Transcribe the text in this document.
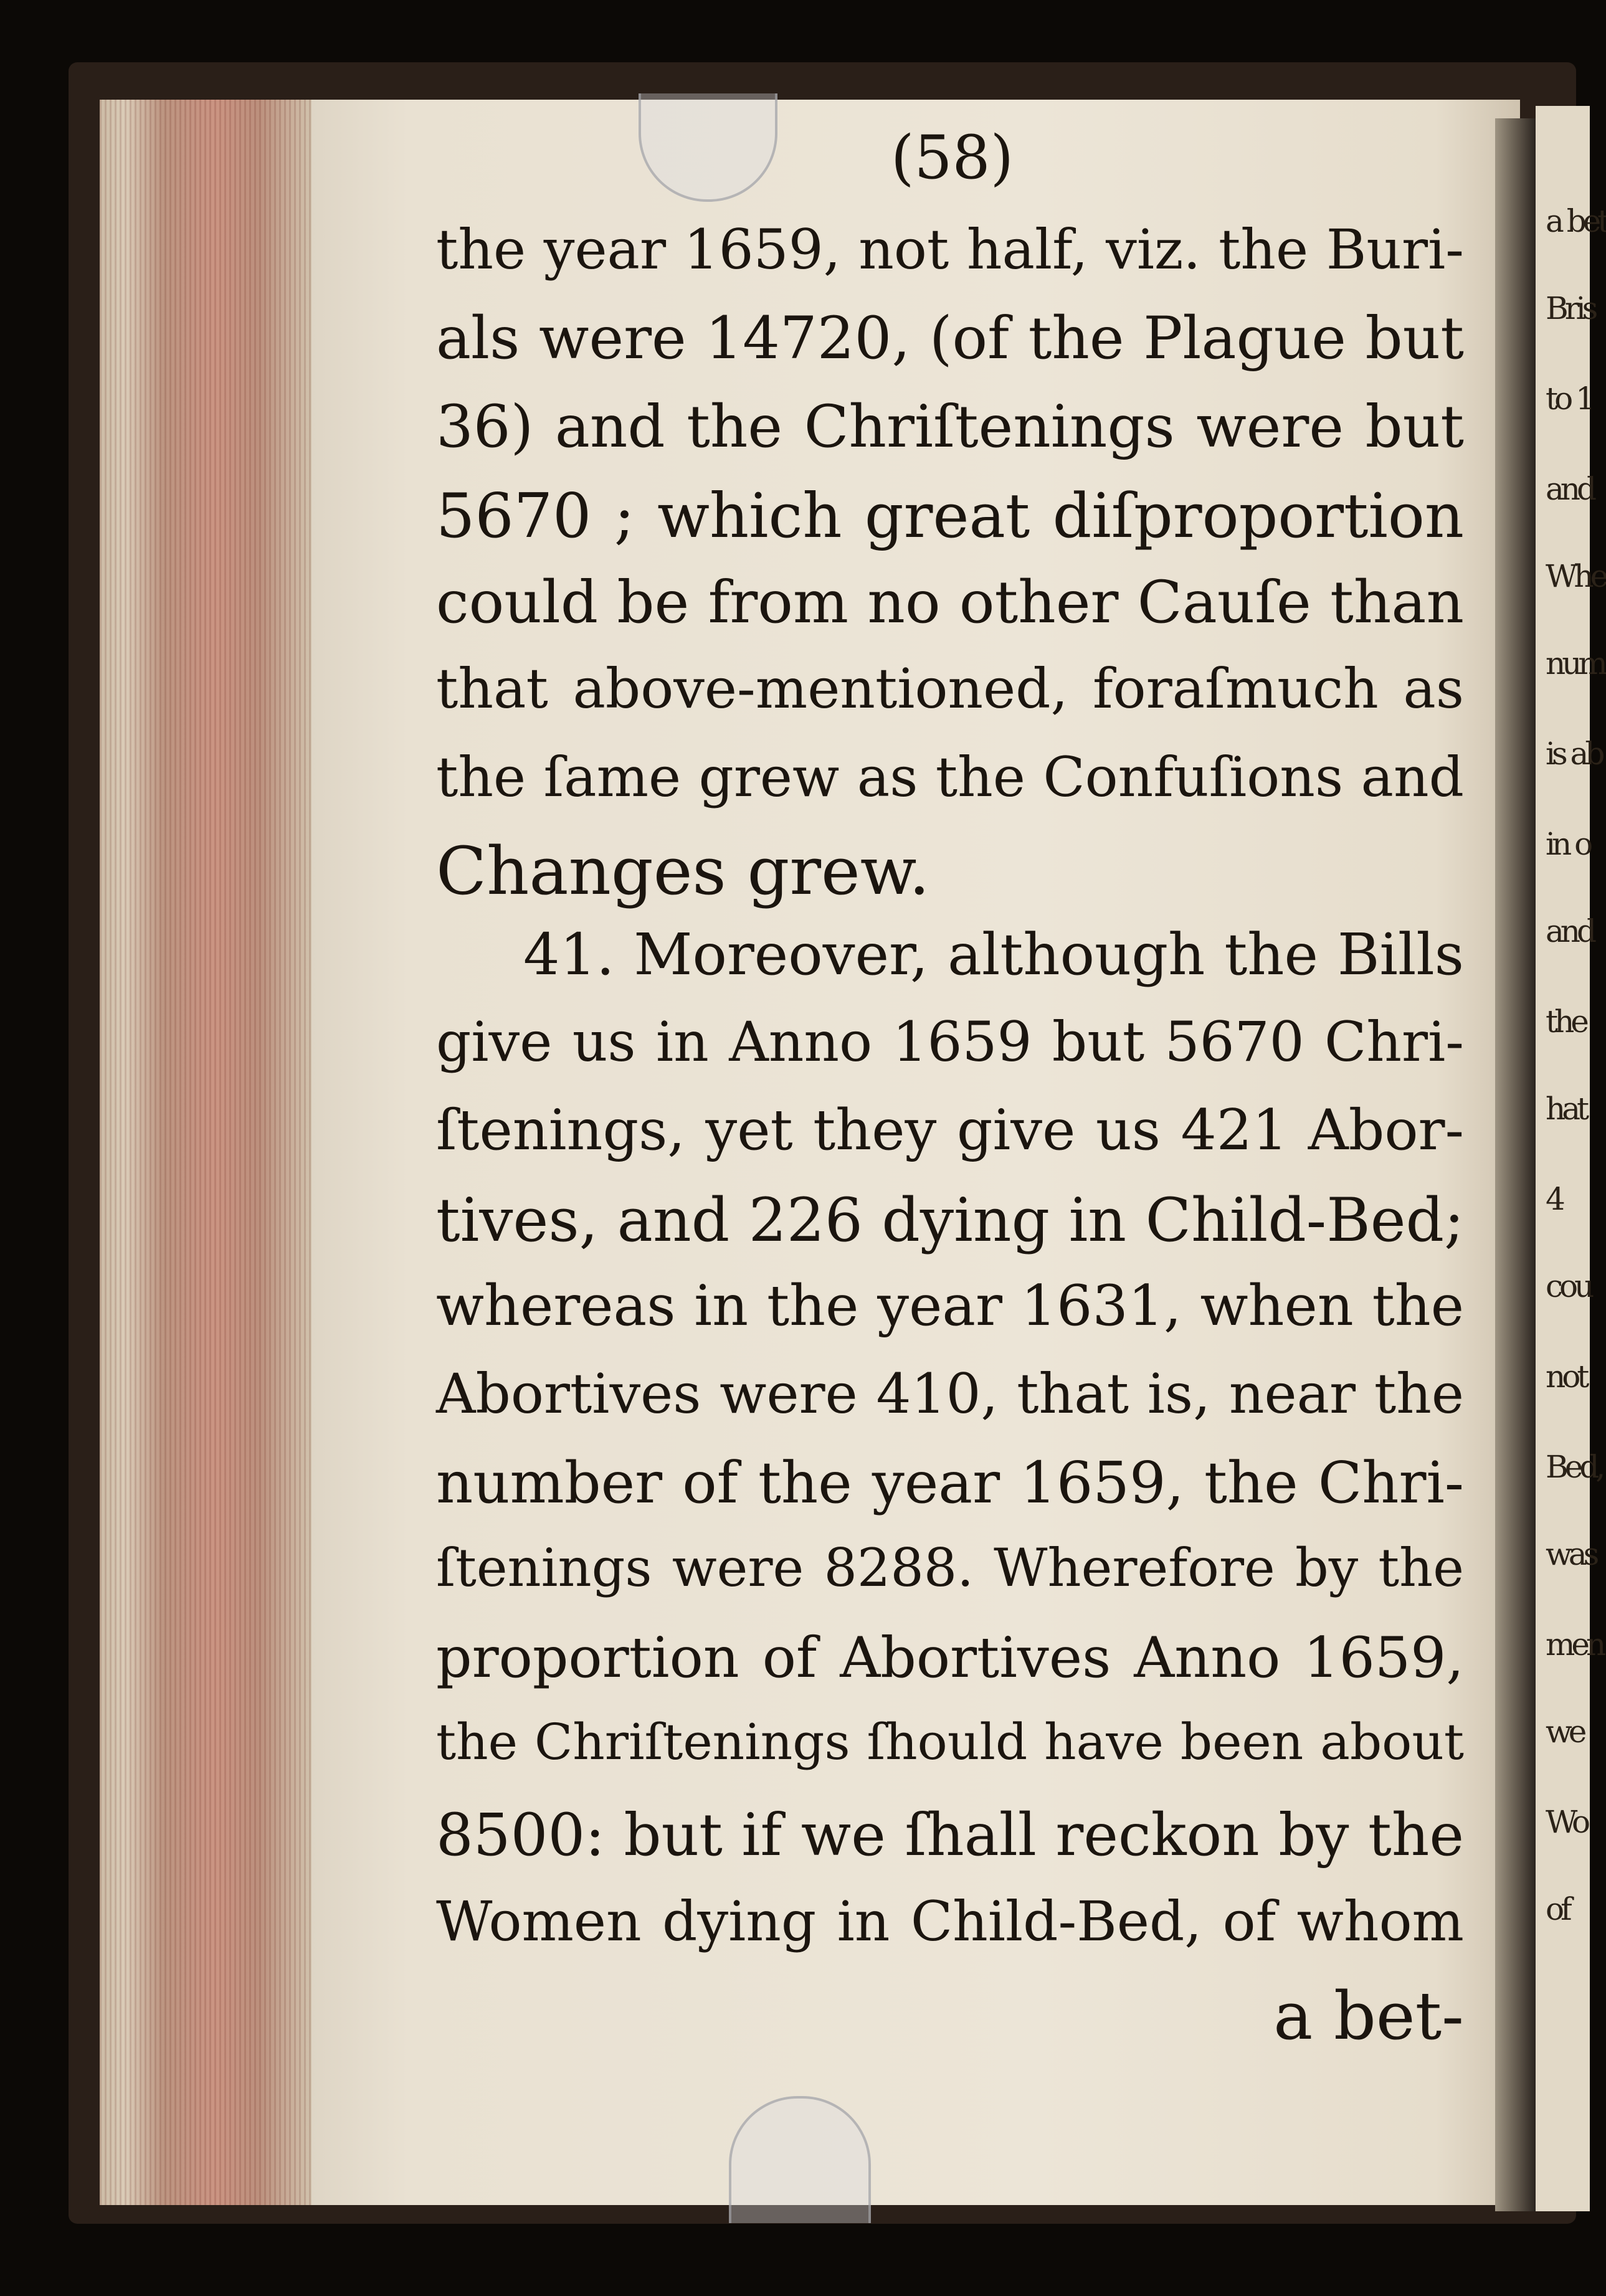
a bet
Bris
to 1
and
Whe
num
is ab
in o
and
the
hat
4
cou
not
Bed,
was
men
we
Wo
of
(58)
the year 1659, not half, viz. the Buri-
als were 14720, (of the Plague but
36) and the Chriſtenings were but
5670 ; which great diſproportion
could be from no other Cauſe than
that above-mentioned, foraſmuch as
the ſame grew as the Confuſions and
Changes grew.
41. Moreover, although the Bills
give us in Anno 1659 but 5670 Chri-
ſtenings, yet they give us 421 Abor-
tives, and 226 dying in Child-Bed;
whereas in the year 1631, when the
Abortives were 410, that is, near the
number of the year 1659, the Chri-
ſtenings were 8288. Wherefore by the
proportion of Abortives Anno 1659,
the Chriſtenings ſhould have been about
8500: but if we ſhall reckon by the
Women dying in Child-Bed, of whom
a bet-
